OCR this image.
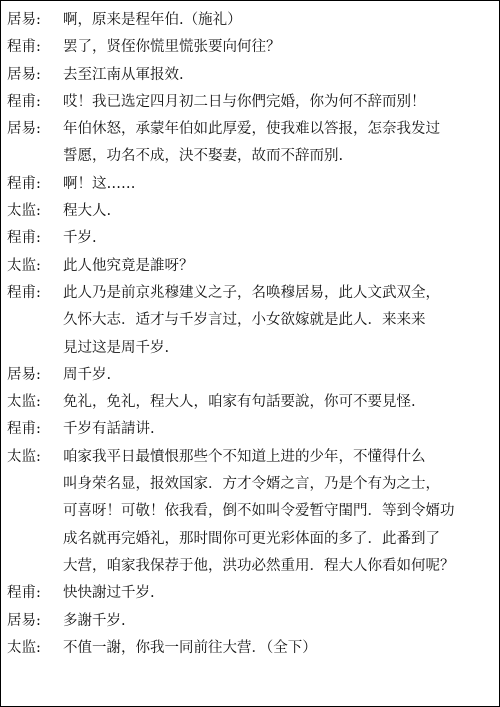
居易:	啊，原来是程年伯.（施礼）
程甫:	罢了，贤侄你慌里慌张要向何往？
居易:	去至江南从軍报效.
程甫:	哎！我已选定四月初二日与你們完婚，你为何不辞而别！
居易:	年伯休怒，承蒙年伯如此厚爱，使我难以答报，怎奈我发过
誓愿，功名不成，決不娶妻，故而不辞而别.
程甫:	啊！这……
太监:	程大人.
程甫:	千岁.
太监:	此人他究竟是誰呀？
程甫:	此人乃是前京兆穆建义之子，名唤穆居易，此人文武双全，
久怀大志．适才与千岁言过，小女欲嫁就是此人．来来来
見过这是周千岁.
居易:	周千岁.
太监:	免礼，免礼，程大人，咱家有句話要說，你可不要見怪.
程甫:	千岁有話請讲.
太监:	咱家我平日最憤恨那些个不知道上进的少年，不懂得什么
叫身荣名显，报效国家．方才令婿之言，乃是个有为之士，
可喜呀！可敬！依我看，倒不如叫令爱暂守閨門．等到令婿功
成名就再完婚礼，那时間你可更光彩体面的多了．此番到了
大营，咱家我保荐于他，洪功必然重用．程大人你看如何呢？
程甫:	快快謝过千岁.
居易:	多謝千岁.
太监:	不值一謝，你我一同前往大营．（全下）
